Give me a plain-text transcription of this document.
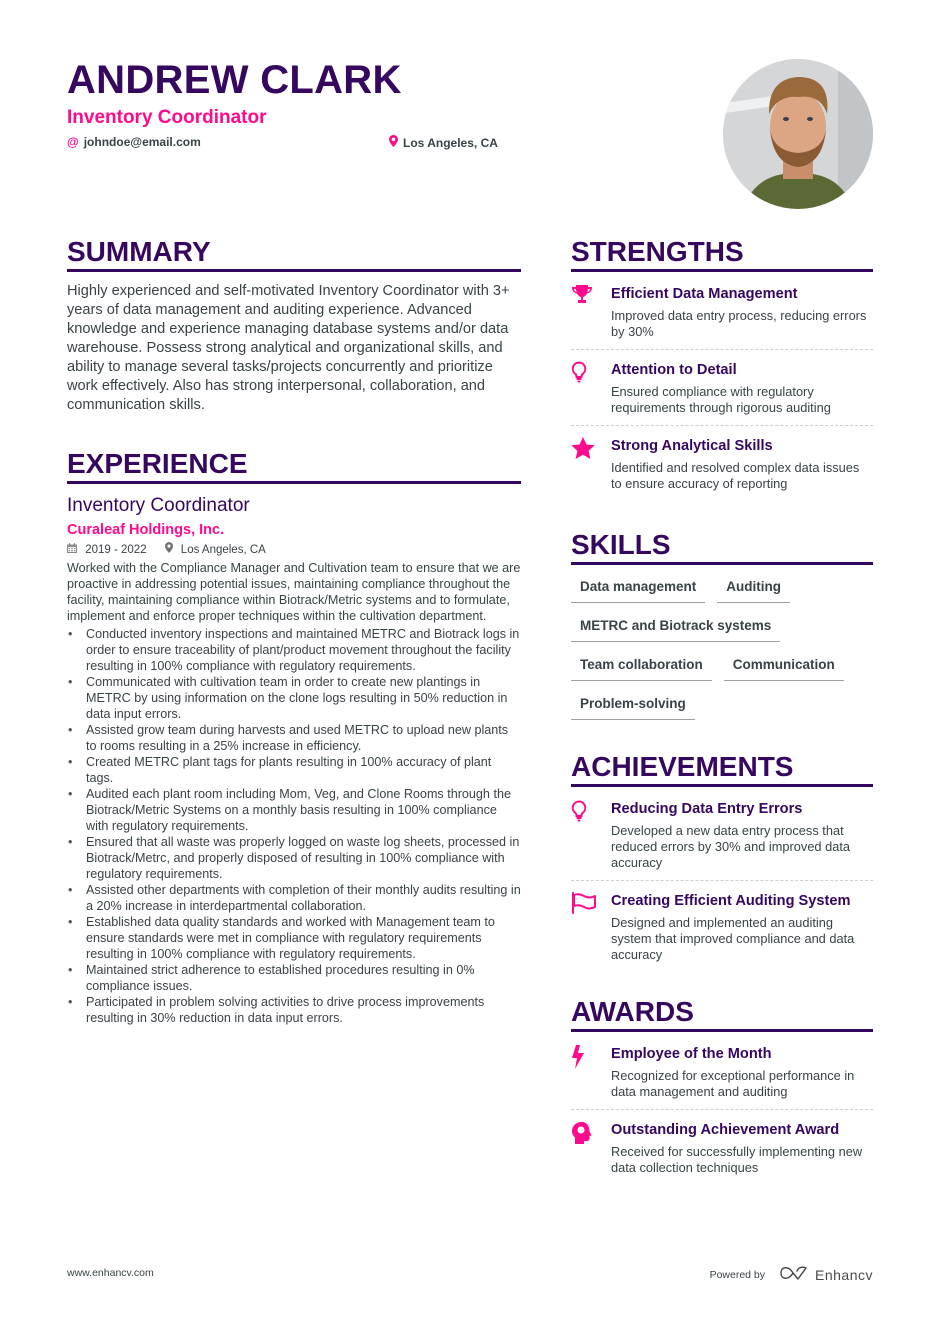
ANDREW CLARK
Inventory Coordinator
@ johndoe@email.com	Los Angeles, CA
SUMMARY

Highly experienced and self-motivated Inventory Coordinator with 3+ years of data management and auditing experience. Advanced knowledge and experience managing database systems and/or data warehouse. Possess strong analytical and organizational skills, and ability to manage several tasks/projects concurrently and prioritize work effectively. Also has strong interpersonal, collaboration, and communication skills.

EXPERIENCE
Inventory Coordinator
Curaleaf Holdings, Inc.
2019 - 2022	Los Angeles, CA

Worked with the Compliance Manager and Cultivation team to ensure that we are proactive in addressing potential issues, maintaining compliance throughout the facility, maintaining compliance within Biotrack/Metric systems and to formulate, implement and enforce proper techniques within the cultivation department.

• Conducted inventory inspections and maintained METRC and Biotrack logs in order to ensure traceability of plant/product movement throughout the facility resulting in 100% compliance with regulatory requirements.
• Communicated with cultivation team in order to create new plantings in METRC by using information on the clone logs resulting in 50% reduction in data input errors.
• Assisted grow team during harvests and used METRC to upload new plants to rooms resulting in a 25% increase in efficiency.
• Created METRC plant tags for plants resulting in 100% accuracy of plant tags.
• Audited each plant room including Mom, Veg, and Clone Rooms through the Biotrack/Metric Systems on a monthly basis resulting in 100% compliance with regulatory requirements.
• Ensured that all waste was properly logged on waste log sheets, processed in Biotrack/Metrc, and properly disposed of resulting in 100% compliance with regulatory requirements.
• Assisted other departments with completion of their monthly audits resulting in a 20% increase in interdepartmental collaboration.
• Established data quality standards and worked with Management team to ensure standards were met in compliance with regulatory requirements resulting in 100% compliance with regulatory requirements.
• Maintained strict adherence to established procedures resulting in 0% compliance issues.
• Participated in problem solving activities to drive process improvements resulting in 30% reduction in data input errors.
STRENGTHS
Efficient Data Management
Improved data entry process, reducing errors by 30%
Attention to Detail
Ensured compliance with regulatory requirements through rigorous auditing
Strong Analytical Skills
Identified and resolved complex data issues to ensure accuracy of reporting
SKILLS
Data management	Auditing
METRC and Biotrack systems
Team collaboration	Communication
Problem-solving
ACHIEVEMENTS
Reducing Data Entry Errors
Developed a new data entry process that reduced errors by 30% and improved data accuracy
Creating Efficient Auditing System
Designed and implemented an auditing system that improved compliance and data accuracy
AWARDS
Employee of the Month
Recognized for exceptional performance in data management and auditing
Outstanding Achievement Award
Received for successfully implementing new data collection techniques
www.enhancv.com	Powered by	Enhancv
